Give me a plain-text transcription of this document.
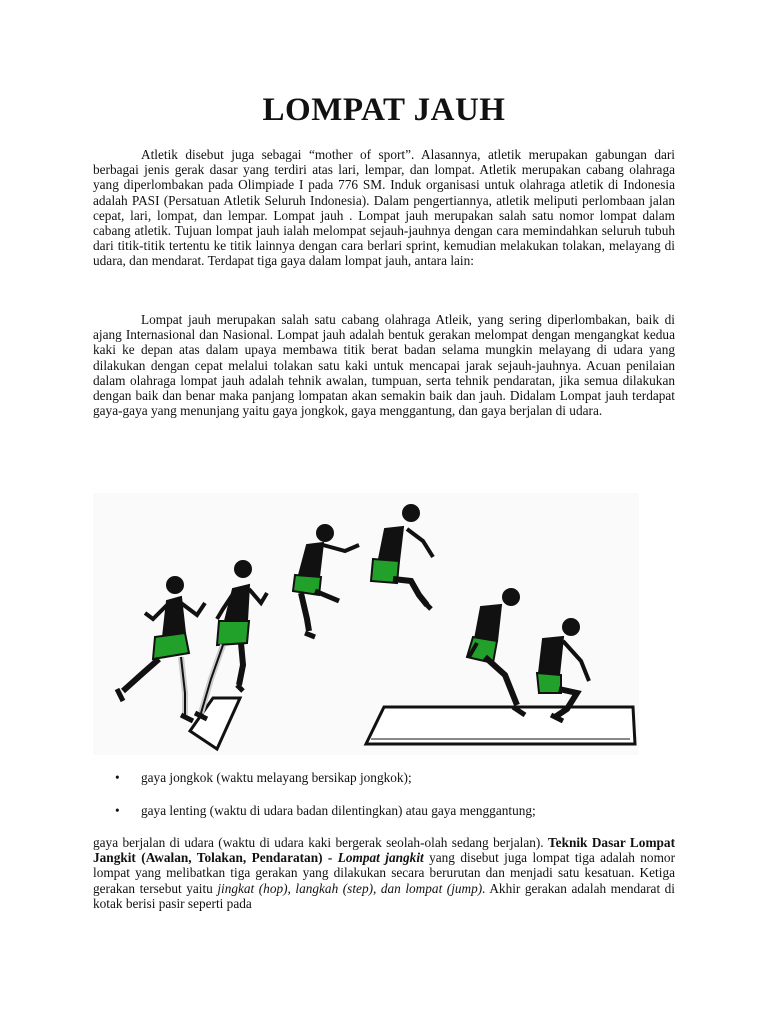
LOMPAT JAUH

Atletik disebut juga sebagai “mother of sport”. Alasannya, atletik merupakan gabungan dari berbagai jenis gerak dasar yang terdiri atas lari, lempar, dan lompat. Atletik merupakan cabang olahraga yang diperlombakan pada Olimpiade I pada 776 SM. Induk organisasi untuk olahraga atletik di Indonesia adalah PASI (Persatuan Atletik Seluruh Indonesia). Dalam pengertiannya, atletik meliputi perlombaan jalan cepat, lari, lompat, dan lempar. Lompat jauh . Lompat jauh merupakan salah satu nomor lompat dalam cabang atletik. Tujuan lompat jauh ialah melompat sejauh-jauhnya dengan cara memindahkan seluruh tubuh dari titik-titik tertentu ke titik lainnya dengan cara berlari sprint, kemudian melakukan tolakan, melayang di udara, dan mendarat. Terdapat tiga gaya dalam lompat jauh, antara lain:

Lompat jauh merupakan salah satu cabang olahraga Atleik, yang sering diperlombakan, baik di ajang Internasional dan Nasional. Lompat jauh adalah bentuk gerakan melompat dengan mengangkat kedua kaki ke depan atas dalam upaya membawa titik berat badan selama mungkin melayang di udara yang dilakukan dengan cepat melalui tolakan satu kaki untuk mencapai jarak sejauh-jauhnya. Acuan penilaian dalam olahraga lompat jauh adalah tehnik awalan, tumpuan, serta tehnik pendaratan, jika semua dilakukan dengan baik dan benar maka panjang lompatan akan semakin baik dan jauh. Didalam Lompat jauh terdapat gaya-gaya yang menunjang yaitu gaya jongkok, gaya menggantung, dan gaya berjalan di udara.

• gaya jongkok (waktu melayang bersikap jongkok);
• gaya lenting (waktu di udara badan dilentingkan) atau gaya menggantung;

gaya berjalan di udara (waktu di udara kaki bergerak seolah-olah sedang berjalan). Teknik Dasar Lompat Jangkit (Awalan, Tolakan, Pendaratan) - Lompat jangkit yang disebut juga lompat tiga adalah nomor lompat yang melibatkan tiga gerakan yang dilakukan secara berurutan dan menjadi satu kesatuan. Ketiga gerakan tersebut yaitu jingkat (hop), langkah (step), dan lompat (jump). Akhir gerakan adalah mendarat di kotak berisi pasir seperti pada
